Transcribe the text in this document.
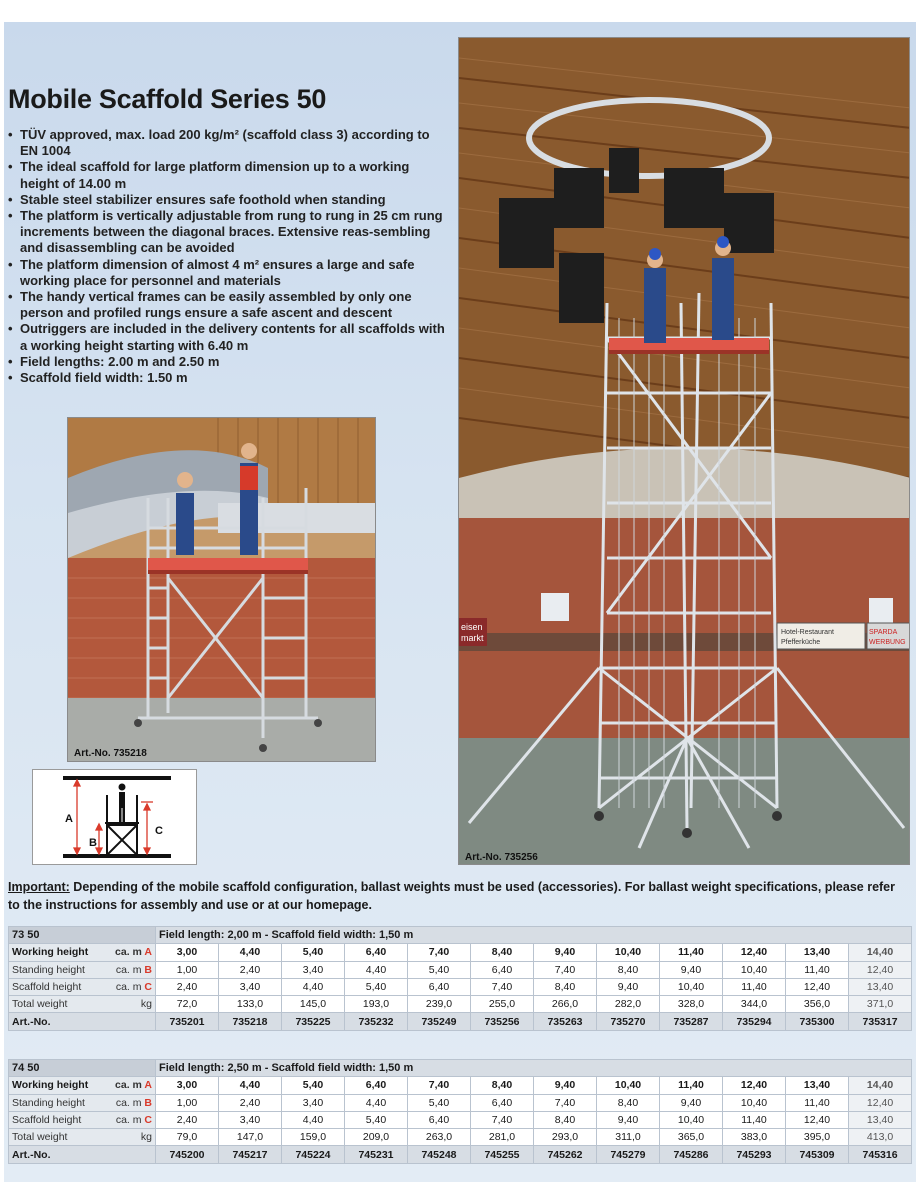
Mobile Scaffold Series 50
• TÜV approved, max. load 200 kg/m² (scaffold class 3) according to EN 1004
• The ideal scaffold for large platform dimension up to a working height of 14.00 m
• Stable steel stabilizer ensures safe foothold when standing
• The platform is vertically adjustable from rung to rung in 25 cm rung increments between the diagonal braces. Extensive reas-sembling and disassembling can be avoided
• The platform dimension of almost 4 m² ensures a large and safe working place for personnel and materials
• The handy vertical frames can be easily assembled by only one person and profiled rungs ensure a safe ascent and descent
• Outriggers are included in the delivery contents for all scaffolds with a working height starting with 6.40 m
• Field lengths: 2.00 m and 2.50 m
• Scaffold field width: 1.50 m
Art.-No. 735218
eisen
markt
Hotel-Restaurant
Pfefferküche
SPARDA
WERBUNG
Art.-No. 735256
A
B
C

Important: Depending of the mobile scaffold configuration, ballast weights must be used (accessories). For ballast weight specifications, please refer to the instructions for assembly and use or at our homepage.

73 50	Field length: 2,00 m - Scaffold field width: 1,50 m											
Working height ca. m A	3,00	4,40	5,40	6,40	7,40	8,40	9,40	10,40	11,40	12,40	13,40	14,40
Standing height ca. m B	1,00	2,40	3,40	4,40	5,40	6,40	7,40	8,40	9,40	10,40	11,40	12,40
Scaffold height ca. m C	2,40	3,40	4,40	5,40	6,40	7,40	8,40	9,40	10,40	11,40	12,40	13,40
Total weight kg	72,0	133,0	145,0	193,0	239,0	255,0	266,0	282,0	328,0	344,0	356,0	371,0
Art.-No.	735201	735218	735225	735232	735249	735256	735263	735270	735287	735294	735300	735317
74 50	Field length: 2,50 m - Scaffold field width: 1,50 m											
Working height ca. m A	3,00	4,40	5,40	6,40	7,40	8,40	9,40	10,40	11,40	12,40	13,40	14,40
Standing height ca. m B	1,00	2,40	3,40	4,40	5,40	6,40	7,40	8,40	9,40	10,40	11,40	12,40
Scaffold height ca. m C	2,40	3,40	4,40	5,40	6,40	7,40	8,40	9,40	10,40	11,40	12,40	13,40
Total weight kg	79,0	147,0	159,0	209,0	263,0	281,0	293,0	311,0	365,0	383,0	395,0	413,0
Art.-No.	745200	745217	745224	745231	745248	745255	745262	745279	745286	745293	745309	745316
